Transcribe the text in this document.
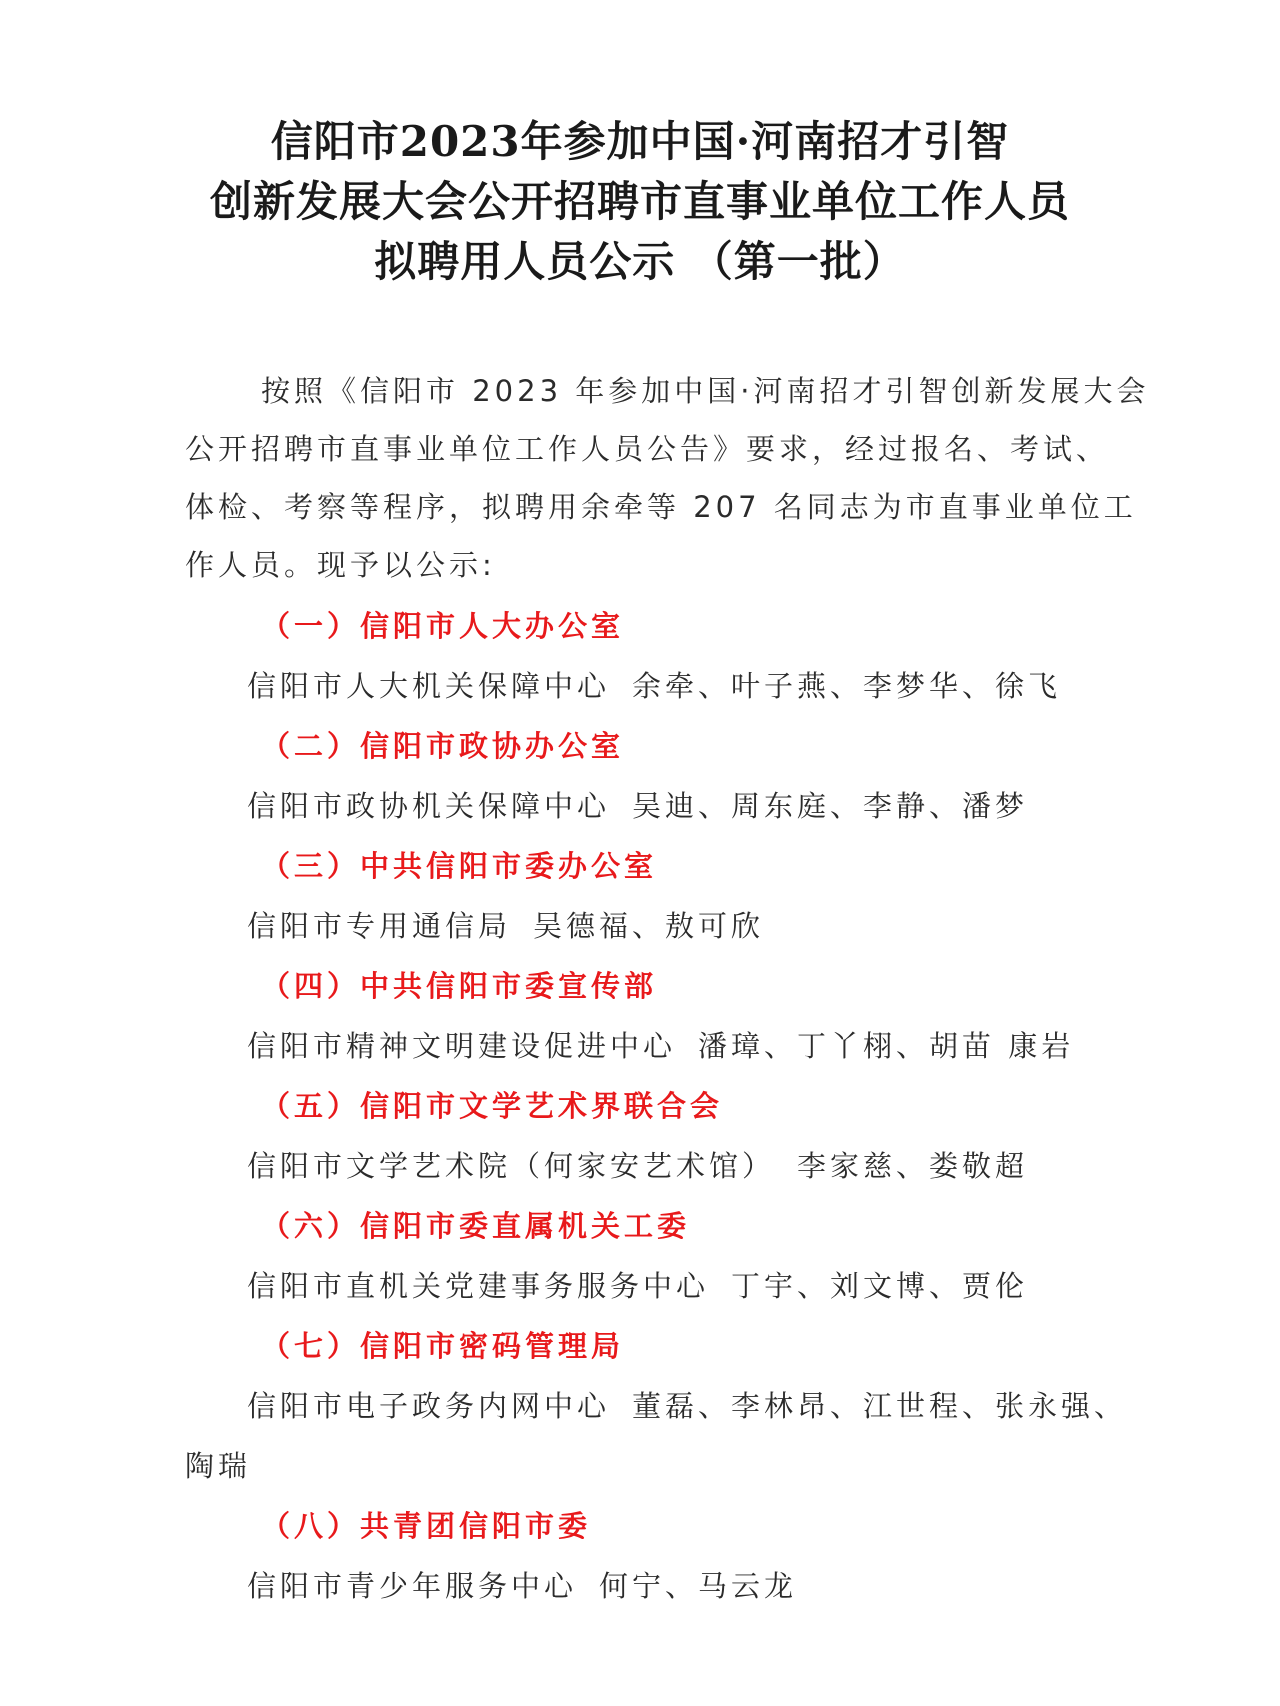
信阳市2023年参加中国·河南招才引智
创新发展大会公开招聘市直事业单位工作人员
拟聘用人员公示 （第一批）
按照《信阳市 2023 年参加中国·河南招才引智创新发展大会
公开招聘市直事业单位工作人员公告》要求，经过报名、考试、
体检、考察等程序，拟聘用余牵等 207 名同志为市直事业单位工
作人员。现予以公示:
（一）信阳市人大办公室
信阳市人大机关保障中心 余牵、叶子燕、李梦华、徐飞
（二）信阳市政协办公室
信阳市政协机关保障中心 吴迪、周东庭、李静、潘梦
（三）中共信阳市委办公室
信阳市专用通信局 吴德福、敖可欣
（四）中共信阳市委宣传部
信阳市精神文明建设促进中心 潘璋、丁丫栩、胡苗 康岩
（五）信阳市文学艺术界联合会
信阳市文学艺术院（何家安艺术馆） 李家慈、娄敬超
（六）信阳市委直属机关工委
信阳市直机关党建事务服务中心 丁宇、刘文博、贾伦
（七）信阳市密码管理局
信阳市电子政务内网中心 董磊、李林昂、江世程、张永强、
陶瑞
（八）共青团信阳市委
信阳市青少年服务中心 何宁、马云龙
